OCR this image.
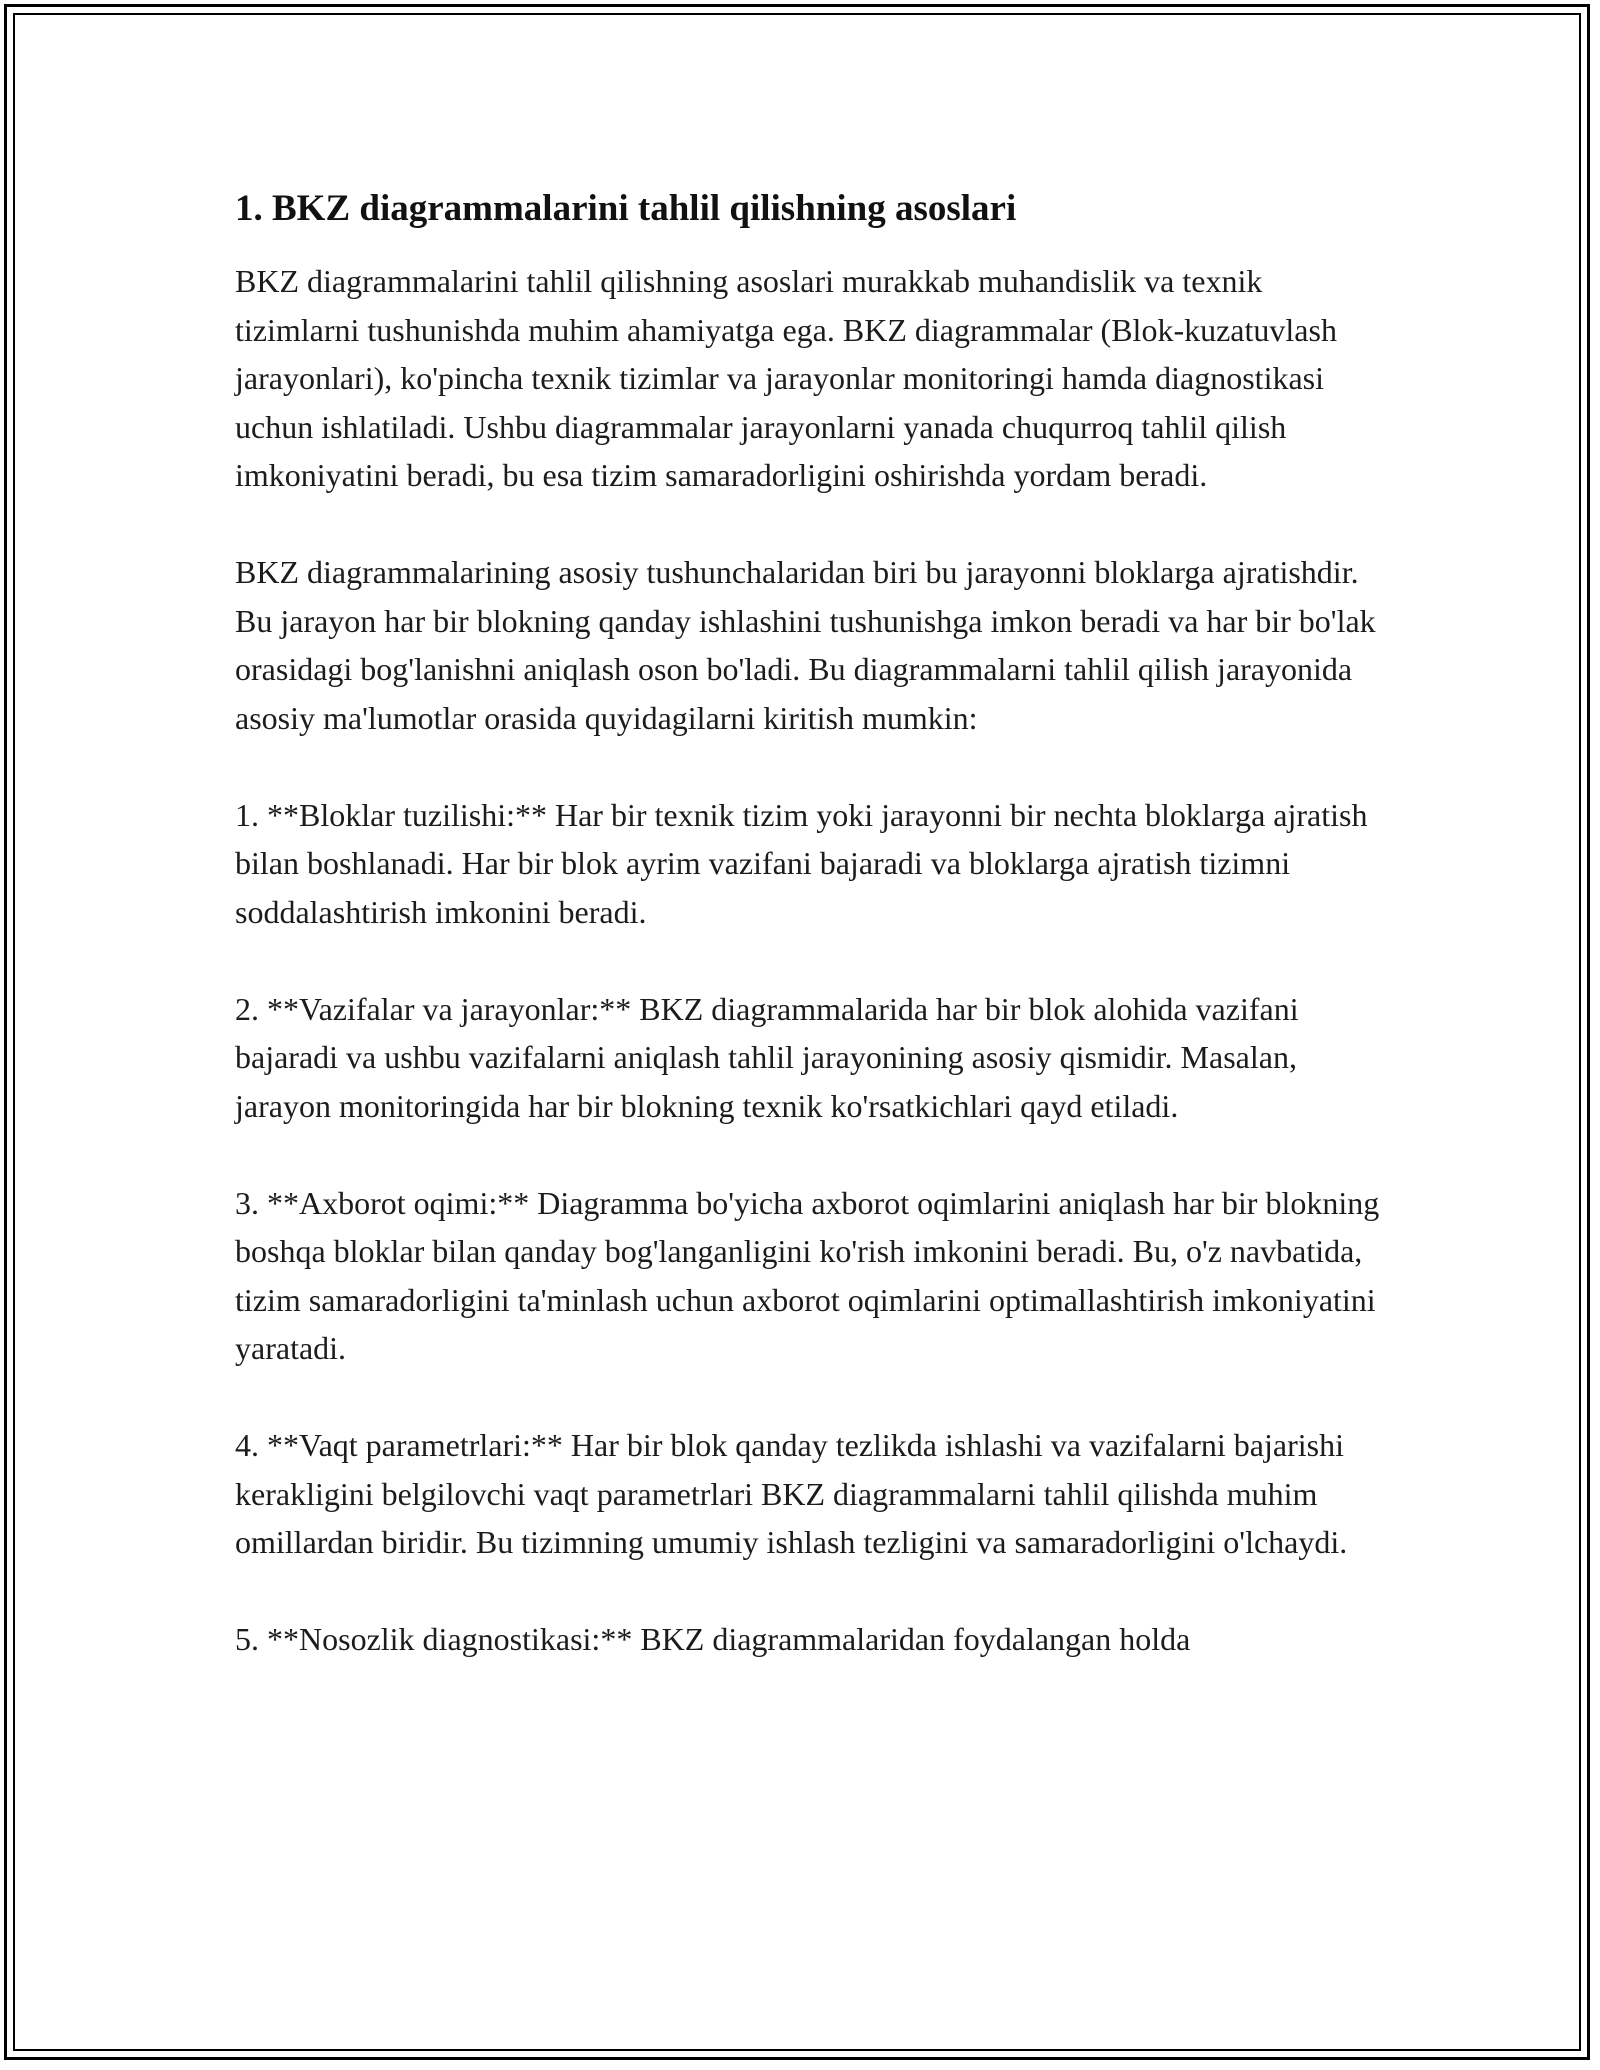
1. BKZ diagrammalarini tahlil qilishning asoslari

BKZ diagrammalarini tahlil qilishning asoslari murakkab muhandislik va texnik tizimlarni tushunishda muhim ahamiyatga ega. BKZ diagrammalar (Blok-kuzatuvlash jarayonlari), ko'pincha texnik tizimlar va jarayonlar monitoringi hamda diagnostikasi uchun ishlatiladi. Ushbu diagrammalar jarayonlarni yanada chuqurroq tahlil qilish imkoniyatini beradi, bu esa tizim samaradorligini oshirishda yordam beradi.

BKZ diagrammalarining asosiy tushunchalaridan biri bu jarayonni bloklarga ajratishdir. Bu jarayon har bir blokning qanday ishlashini tushunishga imkon beradi va har bir bo'lak orasidagi bog'lanishni aniqlash oson bo'ladi. Bu diagrammalarni tahlil qilish jarayonida asosiy ma'lumotlar orasida quyidagilarni kiritish mumkin:

1. **Bloklar tuzilishi:** Har bir texnik tizim yoki jarayonni bir nechta bloklarga ajratish bilan boshlanadi. Har bir blok ayrim vazifani bajaradi va bloklarga ajratish tizimni soddalashtirish imkonini beradi.

2. **Vazifalar va jarayonlar:** BKZ diagrammalarida har bir blok alohida vazifani bajaradi va ushbu vazifalarni aniqlash tahlil jarayonining asosiy qismidir. Masalan, jarayon monitoringida har bir blokning texnik ko'rsatkichlari qayd etiladi.

3. **Axborot oqimi:** Diagramma bo'yicha axborot oqimlarini aniqlash har bir blokning boshqa bloklar bilan qanday bog'langanligini ko'rish imkonini beradi. Bu, o'z navbatida, tizim samaradorligini ta'minlash uchun axborot oqimlarini optimallashtirish imkoniyatini yaratadi.

4. **Vaqt parametrlari:** Har bir blok qanday tezlikda ishlashi va vazifalarni bajarishi kerakligini belgilovchi vaqt parametrlari BKZ diagrammalarni tahlil qilishda muhim omillardan biridir. Bu tizimning umumiy ishlash tezligini va samaradorligini o'lchaydi.

5. **Nosozlik diagnostikasi:** BKZ diagrammalaridan foydalangan holda
